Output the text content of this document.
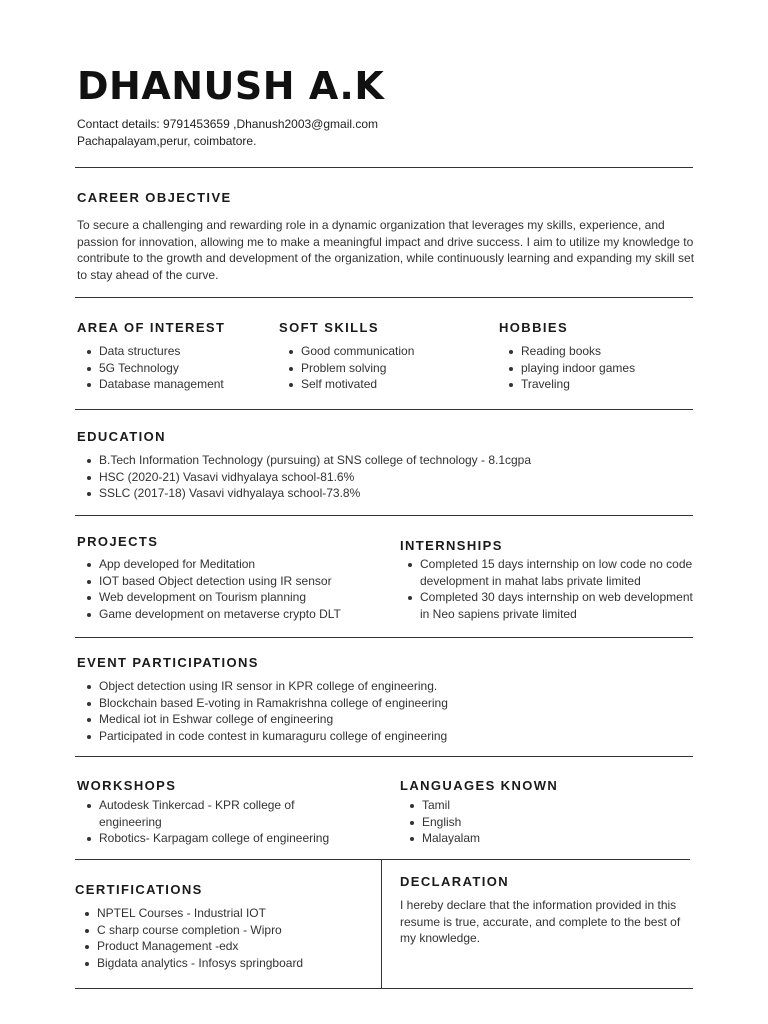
DHANUSH A.K
Contact details: 9791453659 ,Dhanush2003@gmail.com
Pachapalayam,perur, coimbatore.
CAREER OBJECTIVE

To secure a challenging and rewarding role in a dynamic organization that leverages my skills, experience, and passion for innovation, allowing me to make a meaningful impact and drive success. I aim to utilize my knowledge to contribute to the growth and development of the organization, while continuously learning and expanding my skill set to stay ahead of the curve.

AREA OF INTEREST
Data structures
5G Technology
Database management
SOFT SKILLS
Good communication
Problem solving
Self motivated
HOBBIES
Reading books
playing indoor games
Traveling
EDUCATION
B.Tech Information Technology (pursuing) at SNS college of technology - 8.1cgpa
HSC (2020-21) Vasavi vidhyalaya school-81.6%
SSLC (2017-18) Vasavi vidhyalaya school-73.8%
PROJECTS
App developed for Meditation
IOT based Object detection using IR sensor
Web development on Tourism planning
Game development on metaverse crypto DLT
INTERNSHIPS
Completed 15 days internship on low code no code development in mahat labs private limited
Completed 30 days internship on web development in Neo sapiens private limited
EVENT PARTICIPATIONS
Object detection using IR sensor in KPR college of engineering.
Blockchain based E-voting in Ramakrishna college of engineering
Medical iot in Eshwar college of engineering
Participated in code contest in kumaraguru college of engineering
WORKSHOPS
Autodesk Tinkercad - KPR college of engineering
Robotics- Karpagam college of engineering
LANGUAGES KNOWN
Tamil
English
Malayalam
CERTIFICATIONS
NPTEL Courses - Industrial IOT
C sharp course completion - Wipro
Product Management -edx
Bigdata analytics - Infosys springboard
DECLARATION

I hereby declare that the information provided in this resume is true, accurate, and complete to the best of my knowledge.
